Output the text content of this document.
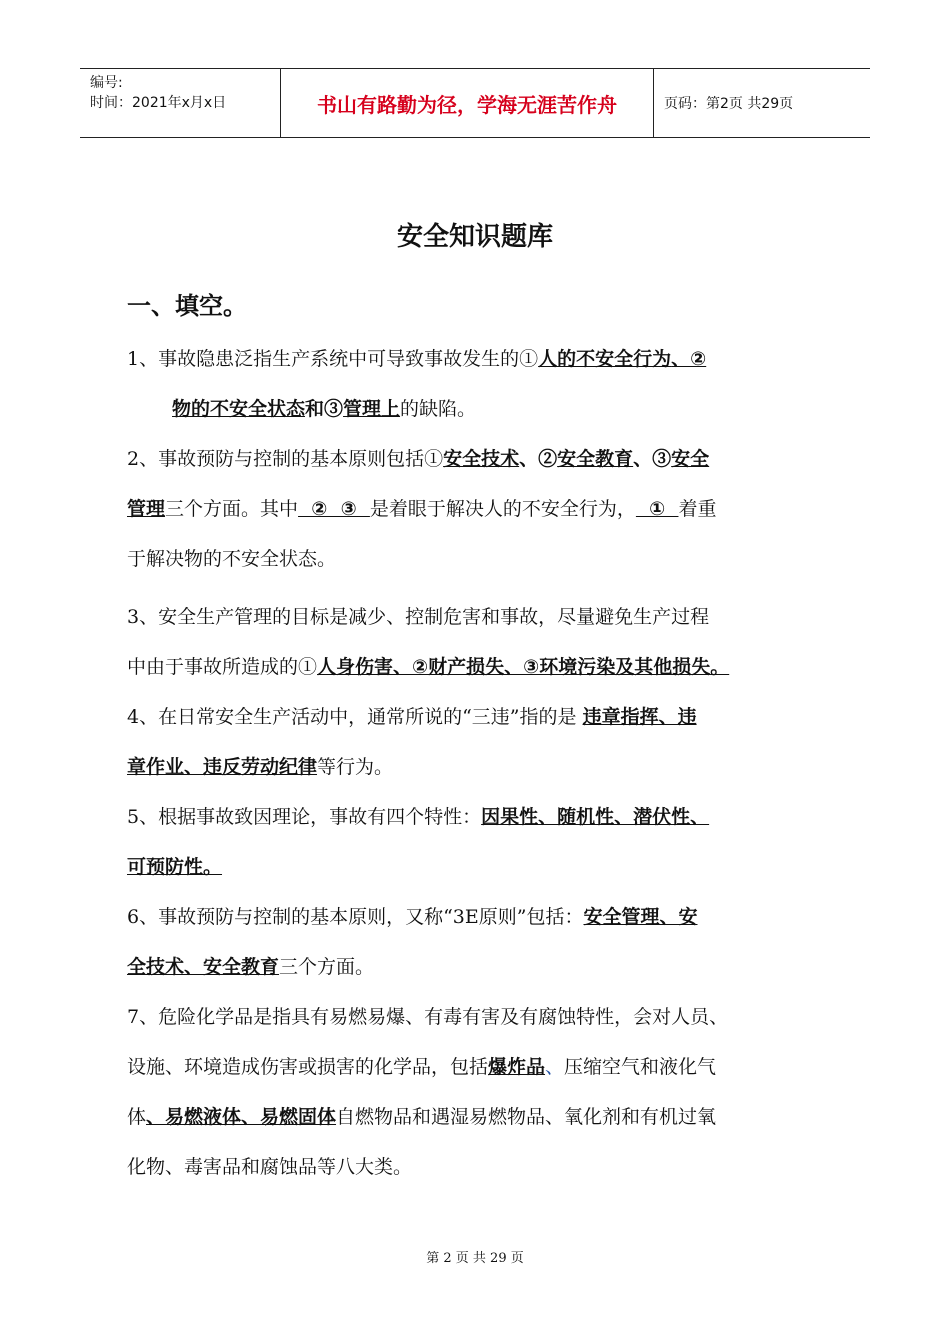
编号:
时间：2021年x月x日	书山有路勤为径，学海无涯苦作舟	页码：第2页 共29页
安全知识题库
一、填空。
1、事故隐患泛指生产系统中可导致事故发生的①人的不安全行为、②
物的不安全状态和③管理上的缺陷。
2、事故预防与控制的基本原则包括①安全技术、②安全教育、③安全
管理三个方面。其中  ②  ③  是着眼于解决人的不安全行为，  ①  着重
于解决物的不安全状态。
3、安全生产管理的目标是减少、控制危害和事故，尽量避免生产过程
中由于事故所造成的①人身伤害、②财产损失、③环境污染及其他损失。
4、在日常安全生产活动中，通常所说的“三违”指的是 违章指挥、违
章作业、违反劳动纪律等行为。
5、根据事故致因理论，事故有四个特性：因果性、随机性、潜伏性、
可预防性。
6、事故预防与控制的基本原则，又称“3E原则”包括：安全管理、安
全技术、安全教育三个方面。
7、危险化学品是指具有易燃易爆、有毒有害及有腐蚀特性，会对人员、
设施、环境造成伤害或损害的化学品，包括爆炸品、压缩空气和液化气
体、易燃液体、易燃固体自燃物品和遇湿易燃物品、氧化剂和有机过氧
化物、毒害品和腐蚀品等八大类。
第 2 页 共 29 页
